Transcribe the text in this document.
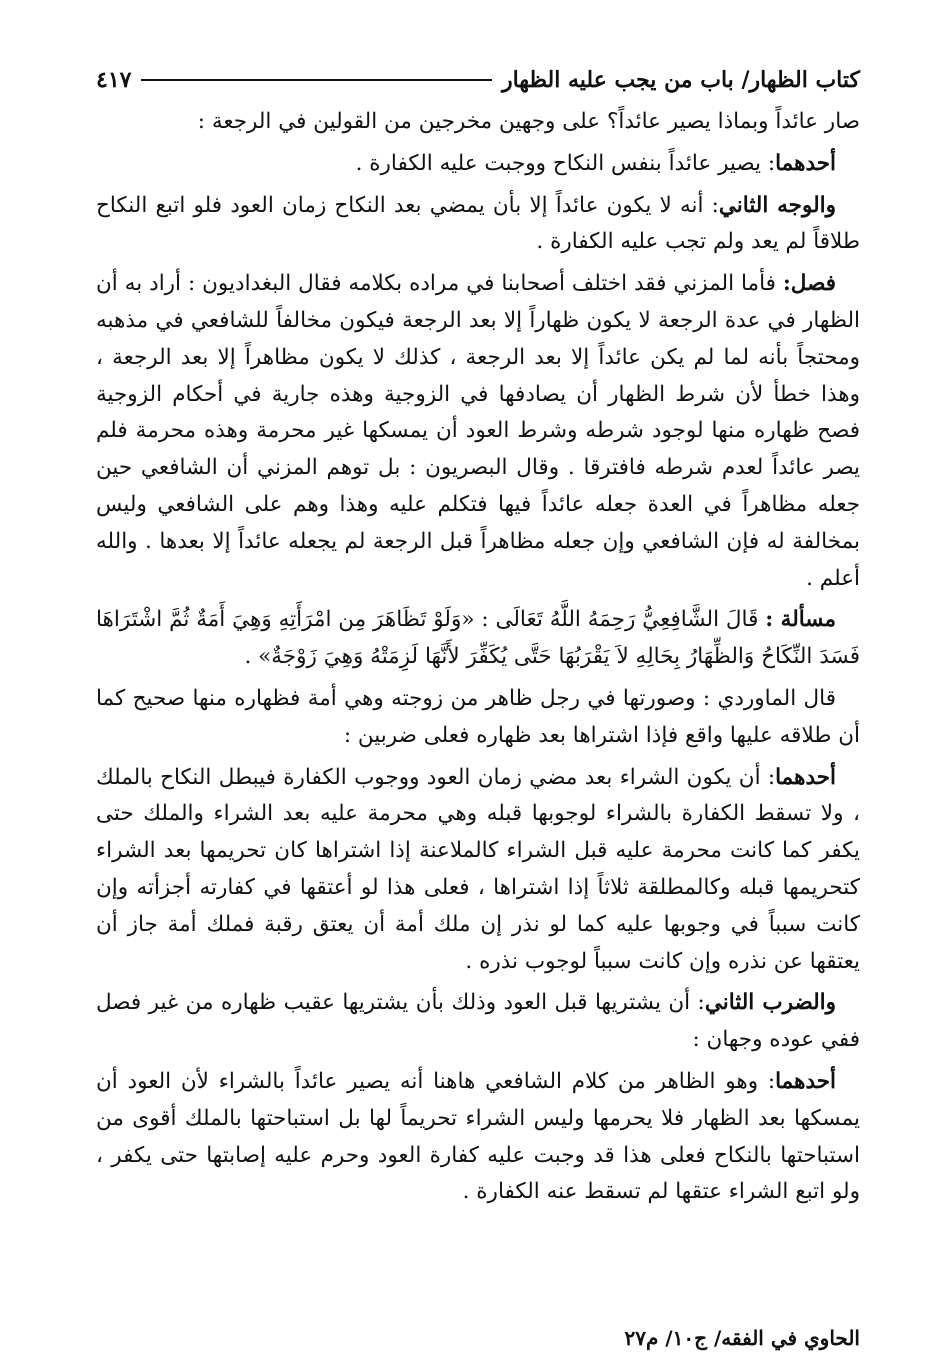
كتاب الظهار/ باب من يجب عليه الظهار
٤١٧

صار عائداً وبماذا يصير عائداً؟ على وجهين مخرجين من القولين في الرجعة :

أحدهما: يصير عائداً بنفس النكاح ووجبت عليه الكفارة .

والوجه الثاني: أنه لا يكون عائداً إلا بأن يمضي بعد النكاح زمان العود فلو اتبع النكاح طلاقاً لم يعد ولم تجب عليه الكفارة .

فصل: فأما المزني فقد اختلف أصحابنا في مراده بكلامه فقال البغداديون : أراد به أن الظهار في عدة الرجعة لا يكون ظهاراً إلا بعد الرجعة فيكون مخالفاً للشافعي في مذهبه ومحتجاً بأنه لما لم يكن عائداً إلا بعد الرجعة ، كذلك لا يكون مظاهراً إلا بعد الرجعة ، وهذا خطأ لأن شرط الظهار أن يصادفها في الزوجية وهذه جارية في أحكام الزوجية فصح ظهاره منها لوجود شرطه وشرط العود أن يمسكها غير محرمة وهذه محرمة فلم يصر عائداً لعدم شرطه فافترقا . وقال البصريون : بل توهم المزني أن الشافعي حين جعله مظاهراً في العدة جعله عائداً فيها فتكلم عليه وهذا وهم على الشافعي وليس بمخالفة له فإن الشافعي وإن جعله مظاهراً قبل الرجعة لم يجعله عائداً إلا بعدها . والله أعلم .

مسألة : قَالَ الشَّافِعِيُّ رَحِمَهُ اللَّهُ تَعَالَى : «وَلَوْ تَظَاهَرَ مِن امْرَأَتِهِ وَهِيَ أَمَةٌ ثُمَّ اشْتَرَاهَا فَسَدَ النِّكَاحُ وَالظِّهَارُ بِحَالِهِ لاَ يَقْرَبُهَا حَتَّى يُكَفِّرَ لأَنَّهَا لَزِمَتْهُ وَهِيَ زَوْجَةٌ» .

قال الماوردي : وصورتها في رجل ظاهر من زوجته وهي أمة فظهاره منها صحيح كما أن طلاقه عليها واقع فإذا اشتراها بعد ظهاره فعلى ضربين :

أحدهما: أن يكون الشراء بعد مضي زمان العود ووجوب الكفارة فيبطل النكاح بالملك ، ولا تسقط الكفارة بالشراء لوجوبها قبله وهي محرمة عليه بعد الشراء والملك حتى يكفر كما كانت محرمة عليه قبل الشراء كالملاعنة إذا اشتراها كان تحريمها بعد الشراء كتحريمها قبله وكالمطلقة ثلاثاً إذا اشتراها ، فعلى هذا لو أعتقها في كفارته أجزأته وإن كانت سبباً في وجوبها عليه كما لو نذر إن ملك أمة أن يعتق رقبة فملك أمة جاز أن يعتقها عن نذره وإن كانت سبباً لوجوب نذره .

والضرب الثاني: أن يشتريها قبل العود وذلك بأن يشتريها عقيب ظهاره من غير فصل ففي عوده وجهان :

أحدهما: وهو الظاهر من كلام الشافعي هاهنا أنه يصير عائداً بالشراء لأن العود أن يمسكها بعد الظهار فلا يحرمها وليس الشراء تحريماً لها بل استباحتها بالملك أقوى من استباحتها بالنكاح فعلى هذا قد وجبت عليه كفارة العود وحرم عليه إصابتها حتى يكفر ، ولو اتبع الشراء عتقها لم تسقط عنه الكفارة .

الحاوي في الفقه/ ج١٠/ م٢٧
